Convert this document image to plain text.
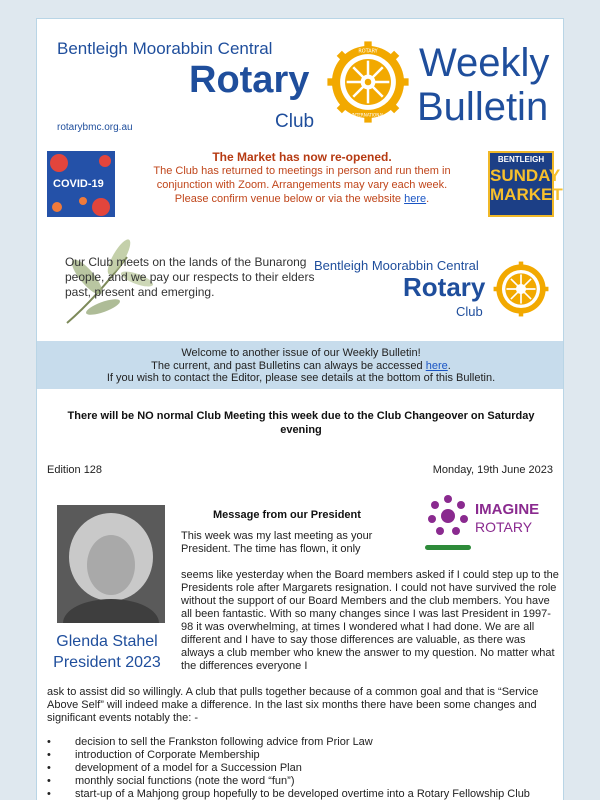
Bentleigh Moorabbin Central
Rotary
Club
rotarybmc.org.au
ROTARY
INTERNATIONAL
Weekly
Bulletin
COVID-19
The Market has now re-opened.
The Club has returned to meetings in person and run them in
conjunction with Zoom. Arrangements may vary each week.
Please confirm venue below or via the website here.
BENTLEIGH
SUNDAY
MARKET
Our Club meets on the lands of the Bunarong people, and we pay our respects to their elders past, present and emerging.
Bentleigh Moorabbin Central
Rotary
Club
Welcome to another issue of our Weekly Bulletin!
The current, and past Bulletins can always be accessed here.
If you wish to contact the Editor, please see details at the bottom of this Bulletin.
There will be NO normal Club Meeting this week due to the Club Changeover on Saturday evening
Edition 128	Monday, 19th June 2023
Glenda Stahel
President 2023
Message from our President	IMAGINE
ROTARY
This week was my last meeting as your President. The time has flown, it only
seems like yesterday when the Board members asked if I could step up to the Presidents role after Margarets resignation. I could not have survived the role without the support of our Board Members and the club members. You have all been fantastic. With so many changes since I was last President in 1997-98 it was overwhelming, at times I wondered what I had done. We are all different and I have to say those differences are valuable, as there was always a club member who knew the answer to my question. No matter what the differences everyone I
ask to assist did so willingly. A club that pulls together because of a common goal and that is “Service Above Self” will indeed make a difference. In the last six months there have been some changes and significant events notably the: -
• decision to sell the Frankston following advice from Prior Law
• introduction of Corporate Membership
• development of a model for a Succession Plan
• monthly social functions (note the word “fun”)
• start-up of a Mahjong group hopefully to be developed overtime into a Rotary Fellowship Club
